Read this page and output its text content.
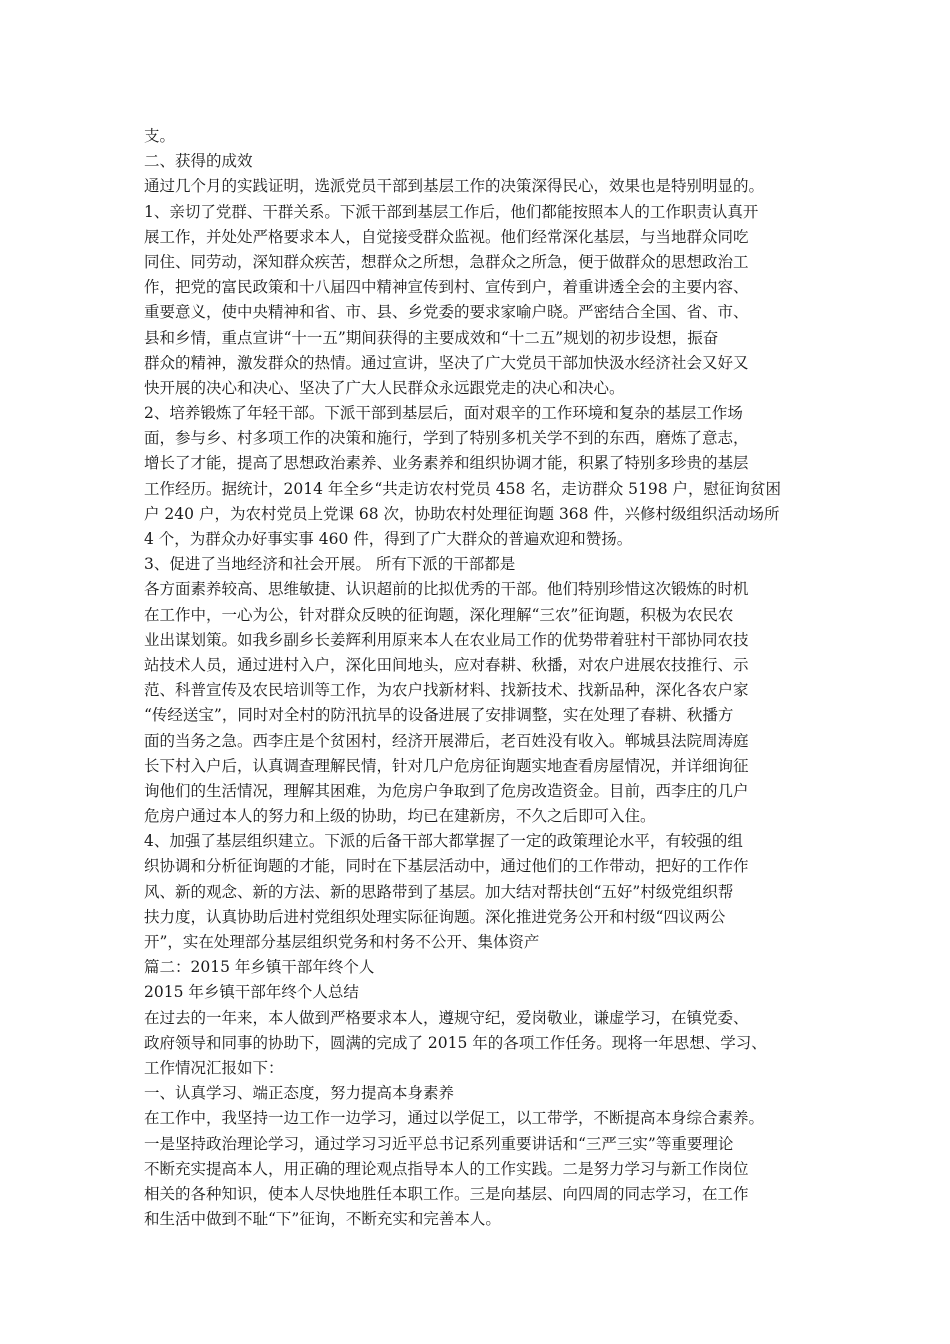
支。
二、获得的成效
通过几个月的实践证明，选派党员干部到基层工作的决策深得民心，效果也是特别明显的。
1、亲切了党群、干群关系。下派干部到基层工作后，他们都能按照本人的工作职责认真开
展工作，并处处严格要求本人，自觉接受群众监视。他们经常深化基层，与当地群众同吃
同住、同劳动，深知群众疾苦，想群众之所想，急群众之所急，便于做群众的思想政治工
作，把党的富民政策和十八届四中精神宣传到村、宣传到户，着重讲透全会的主要内容、
重要意义，使中央精神和省、市、县、乡党委的要求家喻户晓。严密结合全国、省、市、
县和乡情，重点宣讲“十一五”期间获得的主要成效和“十二五”规划的初步设想，振奋
群众的精神，激发群众的热情。通过宣讲，坚决了广大党员干部加快汲水经济社会又好又
快开展的决心和决心、坚决了广大人民群众永远跟党走的决心和决心。
2、培养锻炼了年轻干部。下派干部到基层后，面对艰辛的工作环境和复杂的基层工作场
面，参与乡、村多项工作的决策和施行，学到了特别多机关学不到的东西，磨炼了意志，
增长了才能，提高了思想政治素养、业务素养和组织协调才能，积累了特别多珍贵的基层
工作经历。据统计，2014 年全乡“共走访农村党员 458 名，走访群众 5198 户，慰征询贫困
户 240 户，为农村党员上党课 68 次，协助农村处理征询题 368 件，兴修村级组织活动场所
4 个，为群众办好事实事 460 件，得到了广大群众的普遍欢迎和赞扬。
3、促进了当地经济和社会开展。 所有下派的干部都是
各方面素养较高、思维敏捷、认识超前的比拟优秀的干部。他们特别珍惜这次锻炼的时机
在工作中，一心为公，针对群众反映的征询题，深化理解“三农”征询题，积极为农民农
业出谋划策。如我乡副乡长姜辉利用原来本人在农业局工作的优势带着驻村干部协同农技
站技术人员，通过进村入户，深化田间地头，应对春耕、秋播，对农户进展农技推行、示
范、科普宣传及农民培训等工作，为农户找新材料、找新技术、找新品种，深化各农户家
“传经送宝”，同时对全村的防汛抗旱的设备进展了安排调整，实在处理了春耕、秋播方
面的当务之急。西李庄是个贫困村，经济开展滞后，老百姓没有收入。郸城县法院周涛庭
长下村入户后，认真调查理解民情，针对几户危房征询题实地查看房屋情况，并详细询征
询他们的生活情况，理解其困难，为危房户争取到了危房改造资金。目前，西李庄的几户
危房户通过本人的努力和上级的协助，均已在建新房，不久之后即可入住。
4、加强了基层组织建立。下派的后备干部大都掌握了一定的政策理论水平，有较强的组
织协调和分析征询题的才能，同时在下基层活动中，通过他们的工作带动，把好的工作作
风、新的观念、新的方法、新的思路带到了基层。加大结对帮扶创“五好”村级党组织帮
扶力度，认真协助后进村党组织处理实际征询题。深化推进党务公开和村级“四议两公
开”，实在处理部分基层组织党务和村务不公开、集体资产
篇二：2015 年乡镇干部年终个人
2015 年乡镇干部年终个人总结
在过去的一年来，本人做到严格要求本人，遵规守纪，爱岗敬业，谦虚学习，在镇党委、
政府领导和同事的协助下，圆满的完成了 2015 年的各项工作任务。现将一年思想、学习、
工作情况汇报如下：
一、认真学习、端正态度，努力提高本身素养
在工作中，我坚持一边工作一边学习，通过以学促工，以工带学，不断提高本身综合素养。
一是坚持政治理论学习，通过学习习近平总书记系列重要讲话和“三严三实”等重要理论
不断充实提高本人，用正确的理论观点指导本人的工作实践。二是努力学习与新工作岗位
相关的各种知识，使本人尽快地胜任本职工作。三是向基层、向四周的同志学习，在工作
和生活中做到不耻“下”征询，不断充实和完善本人。
